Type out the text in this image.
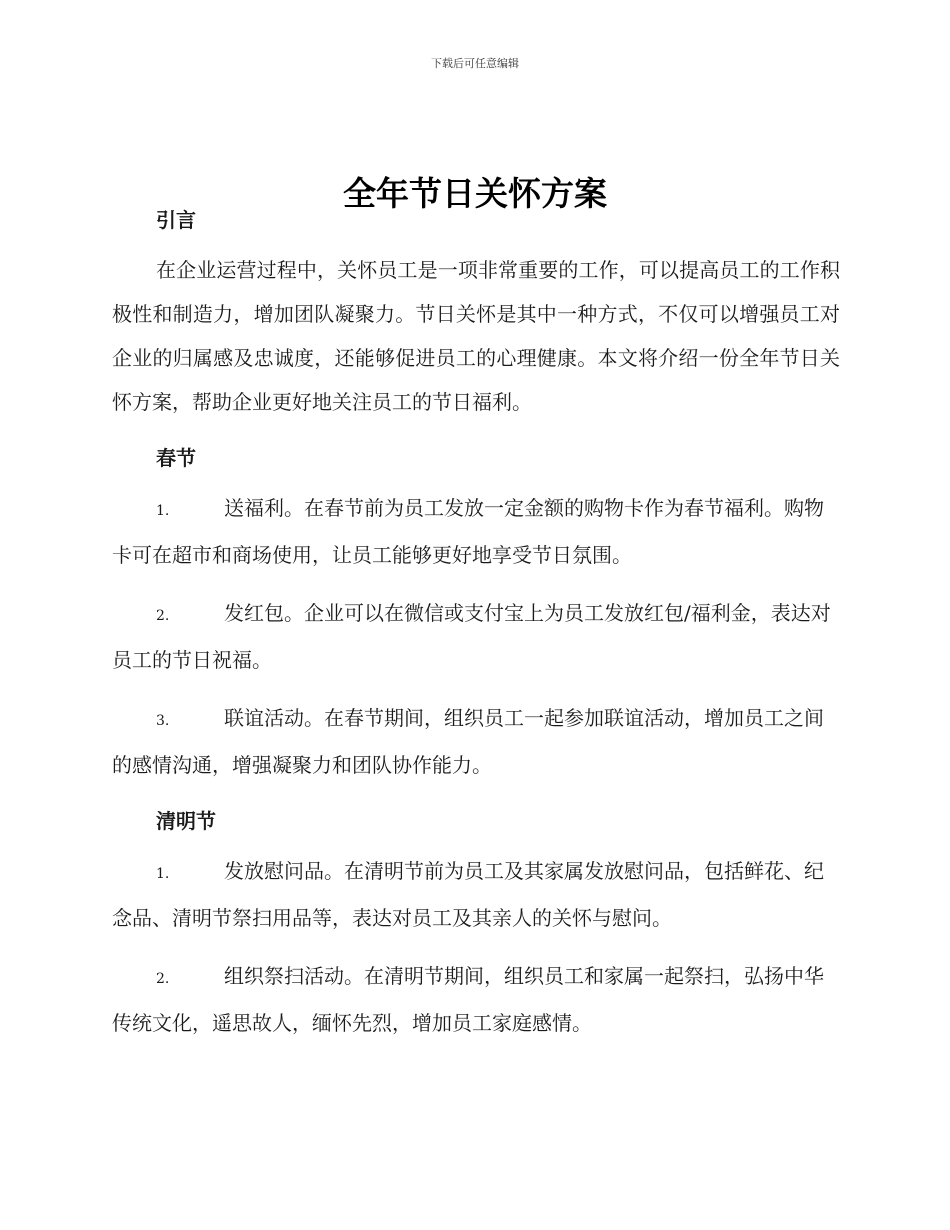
下载后可任意编辑
全年节日关怀方案
引言

在企业运营过程中，关怀员工是一项非常重要的工作，可以提高员工的工作积极性和制造力，增加团队凝聚力。节日关怀是其中一种方式，不仅可以增强员工对企业的归属感及忠诚度，还能够促进员工的心理健康。本文将介绍一份全年节日关怀方案，帮助企业更好地关注员工的节日福利。

春节

1.	送福利。在春节前为员工发放一定金额的购物卡作为春节福利。购物卡可在超市和商场使用，让员工能够更好地享受节日氛围。

2.	发红包。企业可以在微信或支付宝上为员工发放红包/福利金，表达对员工的节日祝福。

3.	联谊活动。在春节期间，组织员工一起参加联谊活动，增加员工之间的感情沟通，增强凝聚力和团队协作能力。

清明节

1.	发放慰问品。在清明节前为员工及其家属发放慰问品，包括鲜花、纪念品、清明节祭扫用品等，表达对员工及其亲人的关怀与慰问。

2.	组织祭扫活动。在清明节期间，组织员工和家属一起祭扫，弘扬中华传统文化，遥思故人，缅怀先烈，增加员工家庭感情。
